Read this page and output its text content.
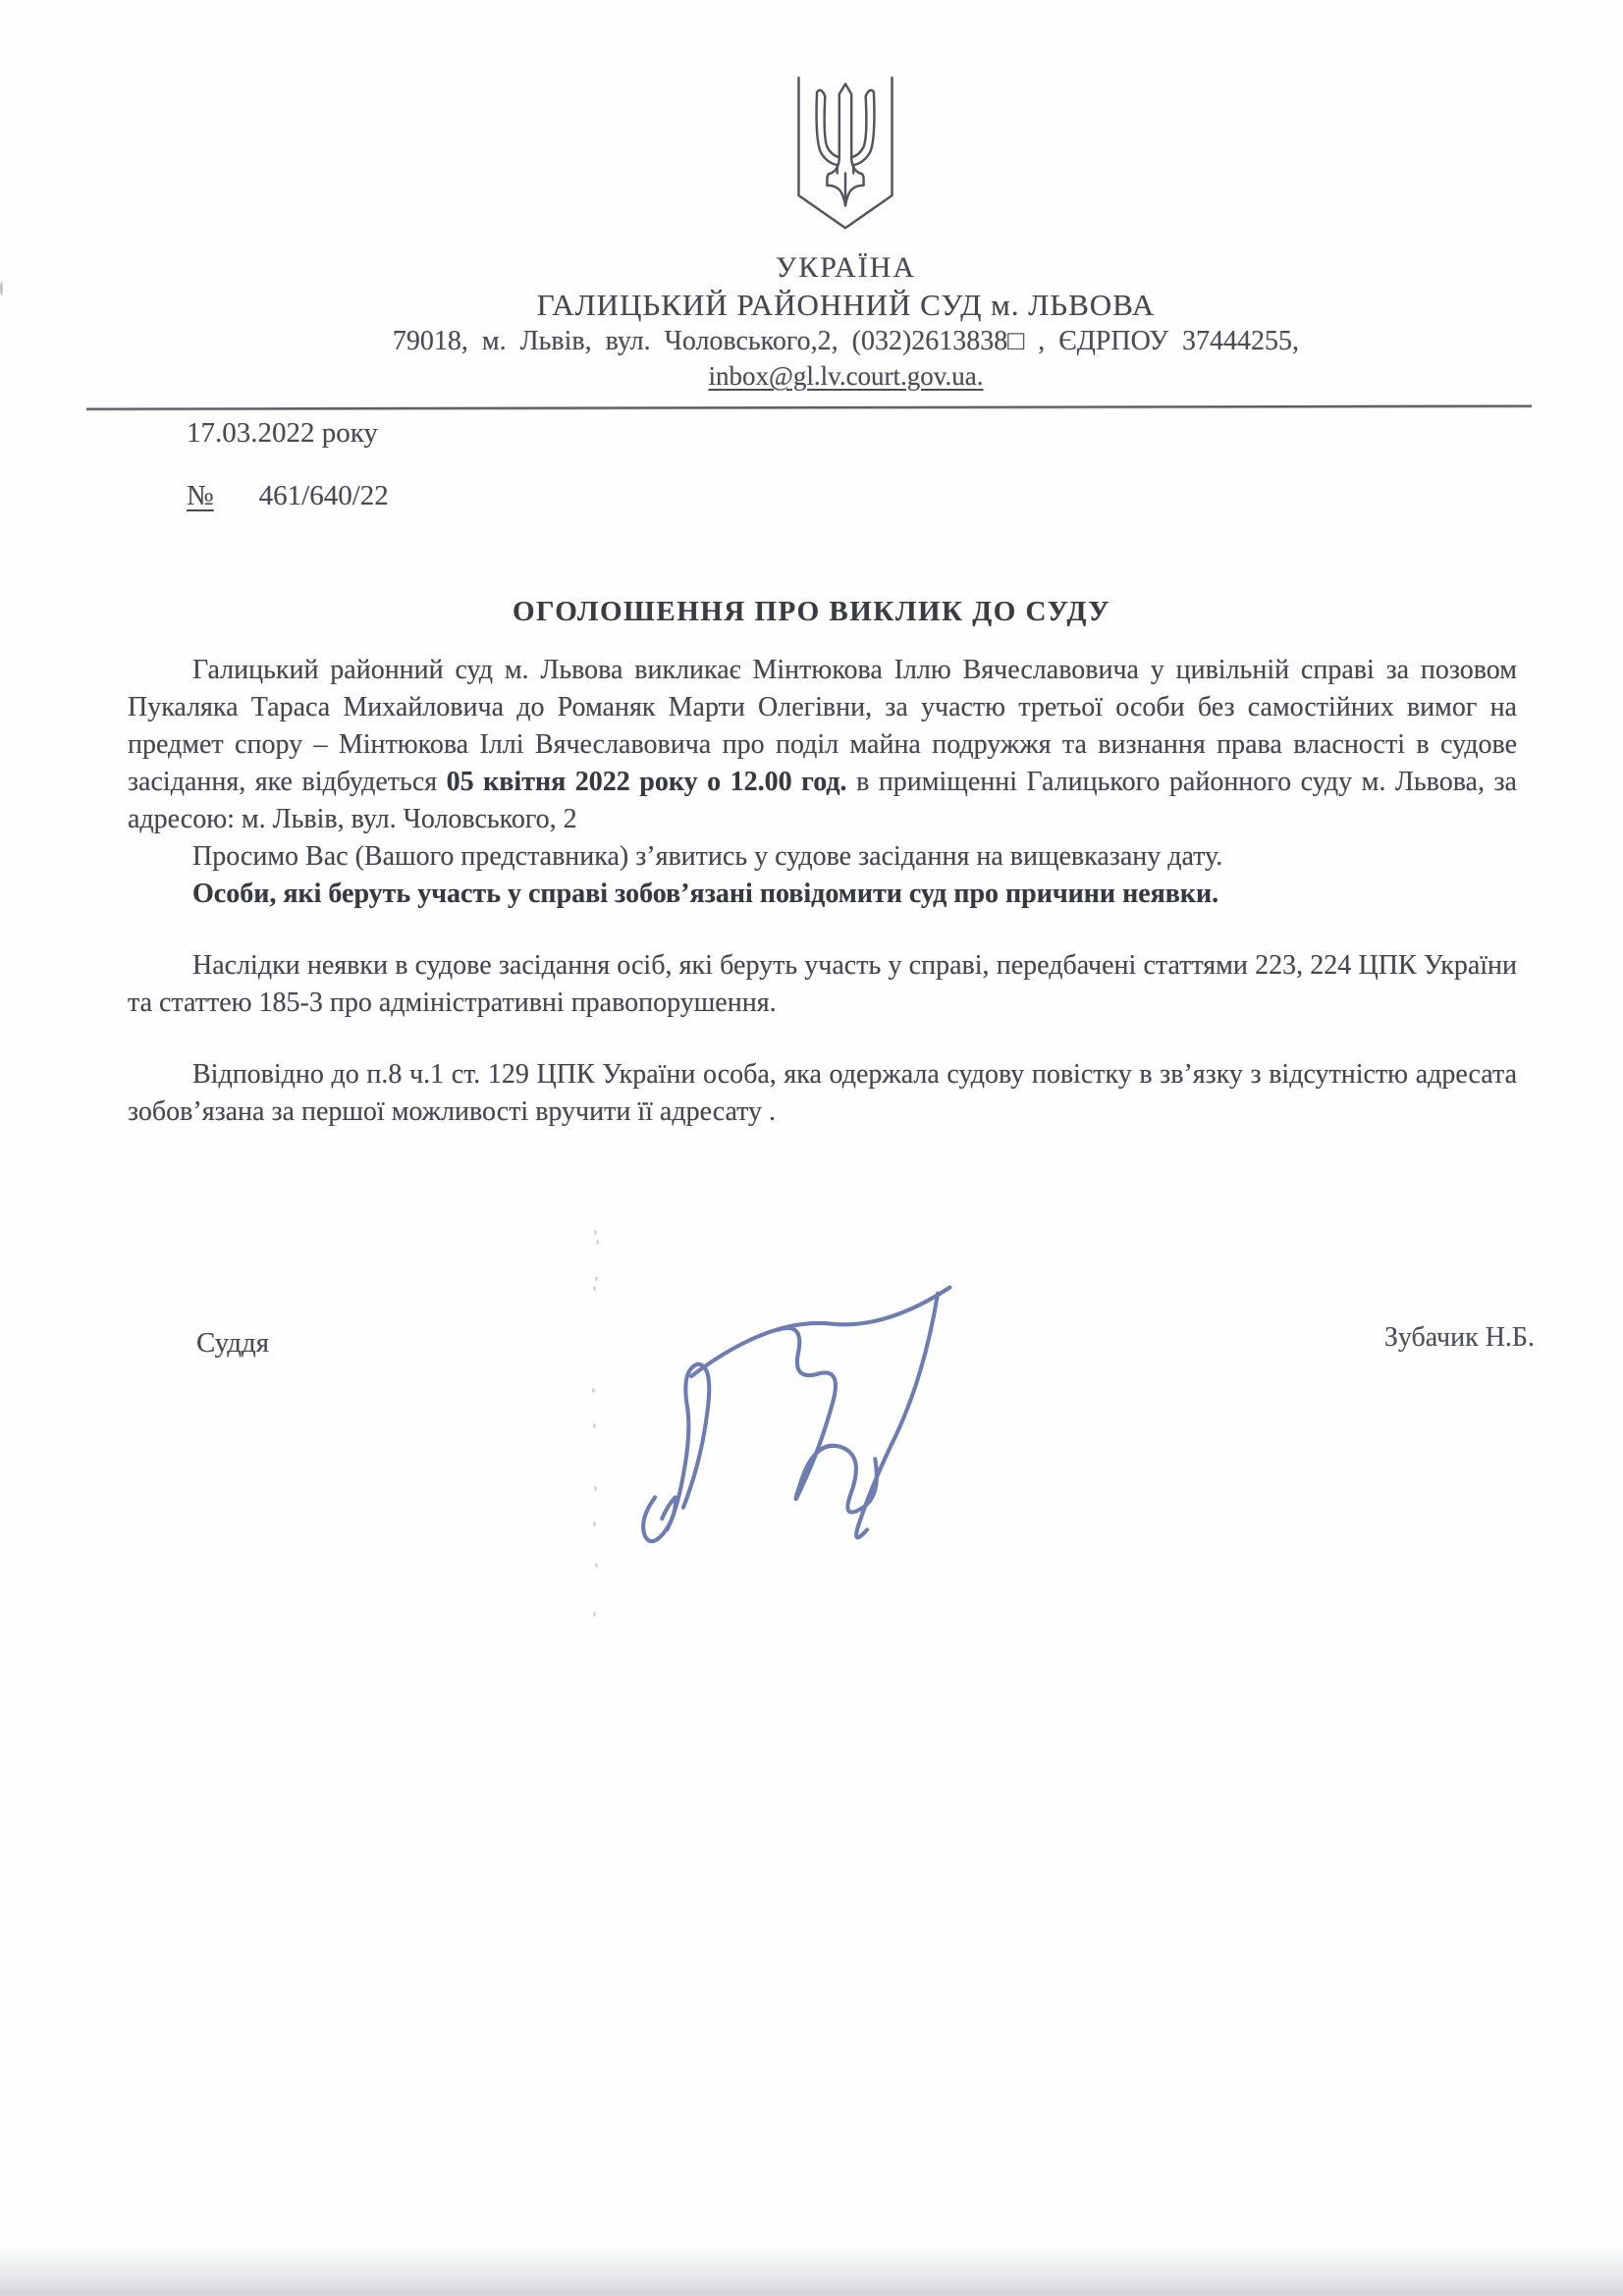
УКРАЇНА
ГАЛИЦЬКИЙ РАЙОННИЙ СУД м. ЛЬВОВА
79018, м. Львів, вул. Чоловського,2, (032)2613838□ , ЄДРПОУ 37444255,
inbox@gl.lv.court.gov.ua.
17.03.2022 року
№ 461/640/22
ОГОЛОШЕННЯ ПРО ВИКЛИК ДО СУДУ

Галицький районний суд м. Львова викликає Мінтюкова Іллю Вячеславовича у цивільній справі за позовом Пукаляка Тараса Михайловича до Романяк Марти Олегівни, за участю третьої особи без самостійних вимог на предмет спору – Мінтюкова Іллі Вячеславовича про поділ майна подружжя та визнання права власності в судове засідання, яке відбудеться 05 квітня 2022 року о 12.00 год. в приміщенні Галицького районного суду м. Львова, за адресою: м. Львів, вул. Чоловського, 2

Просимо Вас (Вашого представника) з’явитись у судове засідання на вищевказану дату.

Особи, які беруть участь у справі зобов’язані повідомити суд про причини неявки.

Наслідки неявки в судове засідання осіб, які беруть участь у справі, передбачені статтями 223, 224 ЦПК України та статтею 185-3 про адміністративні правопорушення.

Відповідно до п.8 ч.1 ст. 129 ЦПК України особа, яка одержала судову повістку в зв’язку з відсутністю адресата зобов’язана за першої можливості вручити її адресату .

Суддя	Зубачик Н.Б.
